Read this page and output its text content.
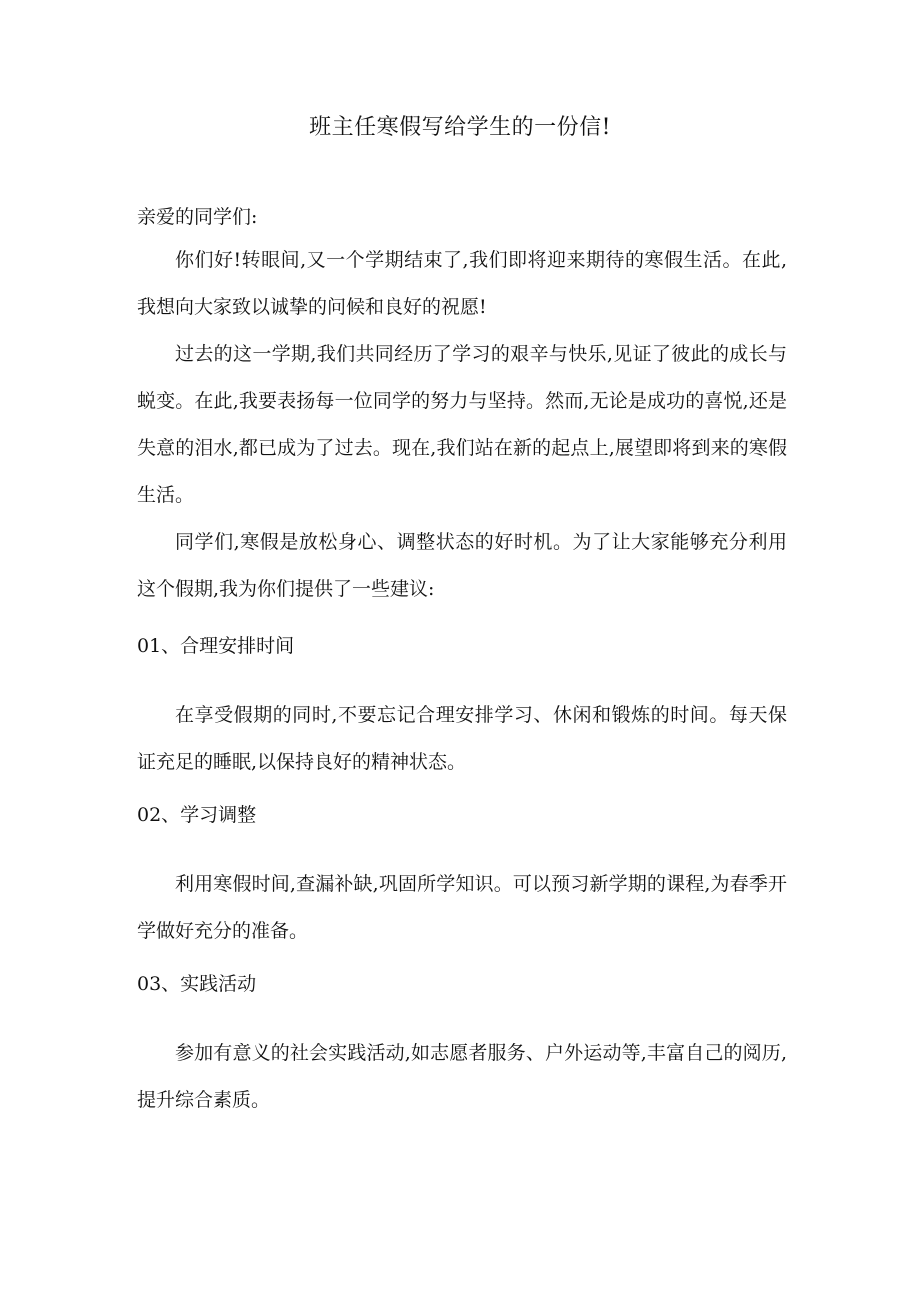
班主任寒假写给学生的一份信!

亲爱的同学们:

你们好!转眼间,又一个学期结束了,我们即将迎来期待的寒假生活。在此,我想向大家致以诚挚的问候和良好的祝愿!

过去的这一学期,我们共同经历了学习的艰辛与快乐,见证了彼此的成长与蜕变。在此,我要表扬每一位同学的努力与坚持。然而,无论是成功的喜悦,还是失意的泪水,都已成为了过去。现在,我们站在新的起点上,展望即将到来的寒假生活。

同学们,寒假是放松身心、调整状态的好时机。为了让大家能够充分利用这个假期,我为你们提供了一些建议:

01、合理安排时间

在享受假期的同时,不要忘记合理安排学习、休闲和锻炼的时间。每天保证充足的睡眠,以保持良好的精神状态。

02、学习调整

利用寒假时间,查漏补缺,巩固所学知识。可以预习新学期的课程,为春季开学做好充分的准备。

03、实践活动

参加有意义的社会实践活动,如志愿者服务、户外运动等,丰富自己的阅历,提升综合素质。
